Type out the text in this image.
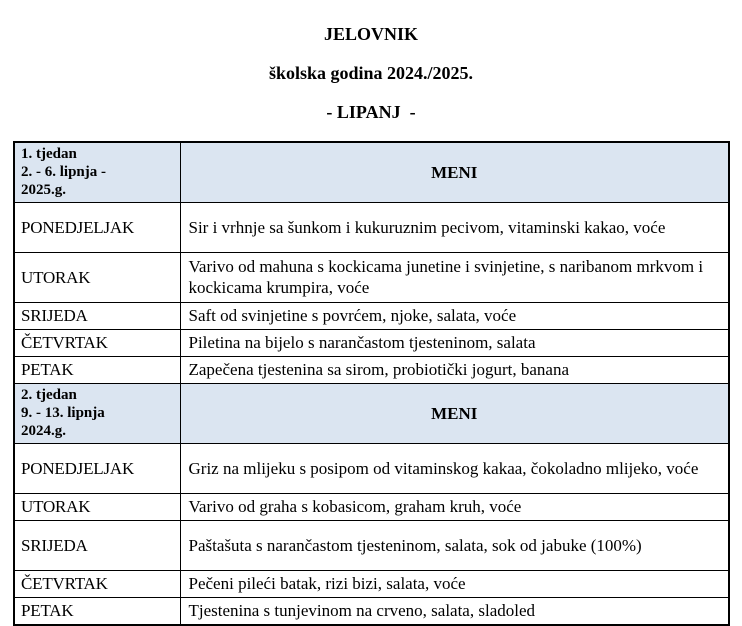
JELOVNIK

školska godina 2024./2025.

- LIPANJ  -

1. tjedan
2. - 6. lipnja -
2025.g.	MENI
PONEDJELJAK	Sir i vrhnje sa šunkom i kukuruznim pecivom, vitaminski kakao, voće
UTORAK	Varivo od mahuna s kockicama junetine i svinjetine, s naribanom mrkvom i kockicama krumpira, voće
SRIJEDA	Saft od svinjetine s povrćem, njoke, salata, voće
ČETVRTAK	Piletina na bijelo s narančastom tjesteninom, salata
PETAK	Zapečena tjestenina sa sirom, probiotički jogurt, banana

2. tjedan
9. - 13. lipnja
2024.g.	MENI
PONEDJELJAK	Griz na mlijeku s posipom od vitaminskog kakaa, čokoladno mlijeko, voće
UTORAK	Varivo od graha s kobasicom, graham kruh, voće
SRIJEDA	Paštašuta s narančastom tjesteninom, salata, sok od jabuke (100%)
ČETVRTAK	Pečeni pileći batak, rizi bizi, salata, voće
PETAK	Tjestenina s tunjevinom na crveno, salata, sladoled
